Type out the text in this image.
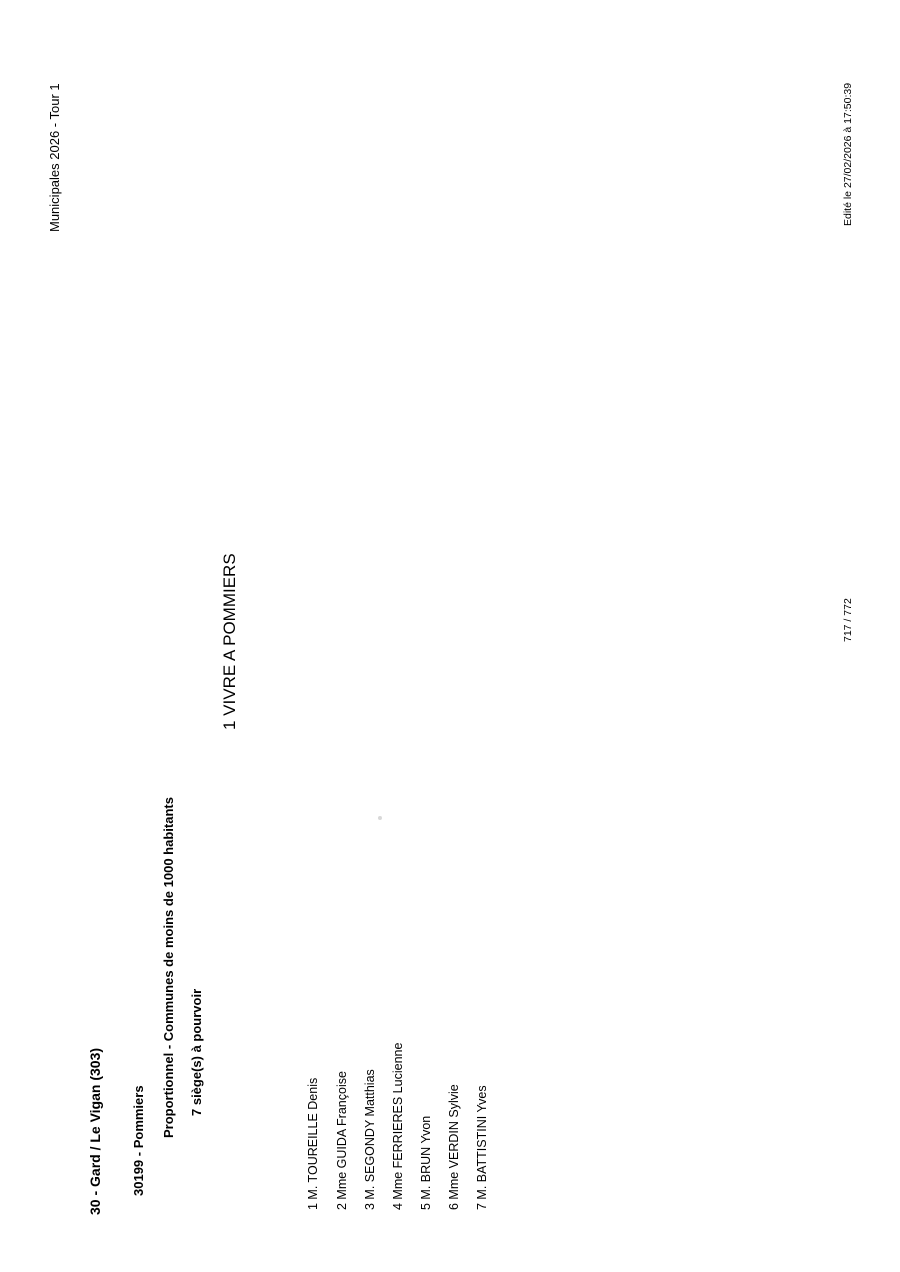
Municipales 2026 - Tour 1	Edité le 27/02/2026 à 17:50:39
717 / 772
30 - Gard / Le Vigan (303) 30199 - Pommiers
Proportionnel - Communes de moins de 1000 habitants 7 siège(s) à pourvoir
1 VIVRE A POMMIERS
1 M. TOUREILLE Denis 2 Mme GUIDA Françoise 3 M. SEGONDY Matthias 4 Mme FERRIERES Lucienne 5 M. BRUN Yvon 6 Mme VERDIN Sylvie 7 M. BATTISTINI Yves
